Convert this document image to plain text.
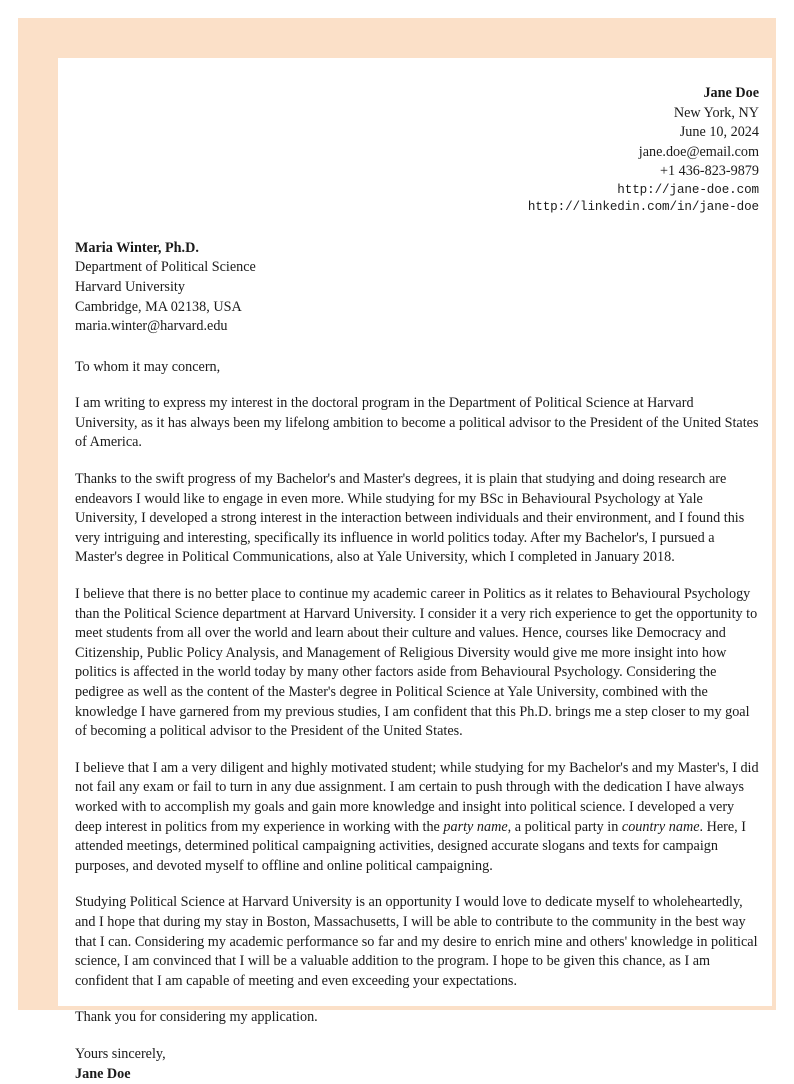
Jane Doe
New York, NY
June 10, 2024
jane.doe@email.com
+1 436-823-9879
http://jane-doe.com
http://linkedin.com/in/jane-doe
Maria Winter, Ph.D.
Department of Political Science
Harvard University
Cambridge, MA 02138, USA
maria.winter@harvard.edu

To whom it may concern,

I am writing to express my interest in the doctoral program in the Department of Political Science at Harvard University, as it has always been my lifelong ambition to become a political advisor to the President of the United States of America.

Thanks to the swift progress of my Bachelor's and Master's degrees, it is plain that studying and doing research are endeavors I would like to engage in even more. While studying for my BSc in Behavioural Psychology at Yale University, I developed a strong interest in the interaction between individuals and their environment, and I found this very intriguing and interesting, specifically its influence in world politics today. After my Bachelor's, I pursued a Master's degree in Political Communications, also at Yale University, which I completed in January 2018.

I believe that there is no better place to continue my academic career in Politics as it relates to Behavioural Psychology than the Political Science department at Harvard University. I consider it a very rich experience to get the opportunity to meet students from all over the world and learn about their culture and values. Hence, courses like Democracy and Citizenship, Public Policy Analysis, and Management of Religious Diversity would give me more insight into how politics is affected in the world today by many other factors aside from Behavioural Psychology. Considering the pedigree as well as the content of the Master's degree in Political Science at Yale University, combined with the knowledge I have garnered from my previous studies, I am confident that this Ph.D. brings me a step closer to my goal of becoming a political advisor to the President of the United States.

I believe that I am a very diligent and highly motivated student; while studying for my Bachelor's and my Master's, I did not fail any exam or fail to turn in any due assignment. I am certain to push through with the dedication I have always worked with to accomplish my goals and gain more knowledge and insight into political science. I developed a very deep interest in politics from my experience in working with the party name, a political party in country name. Here, I attended meetings, determined political campaigning activities, designed accurate slogans and texts for campaign purposes, and devoted myself to offline and online political campaigning.

Studying Political Science at Harvard University is an opportunity I would love to dedicate myself to wholeheartedly, and I hope that during my stay in Boston, Massachusetts, I will be able to contribute to the community in the best way that I can. Considering my academic performance so far and my desire to enrich mine and others' knowledge in political science, I am convinced that I will be a valuable addition to the program. I hope to be given this chance, as I am confident that I am capable of meeting and even exceeding your expectations.

Thank you for considering my application.

Yours sincerely,
Jane Doe
